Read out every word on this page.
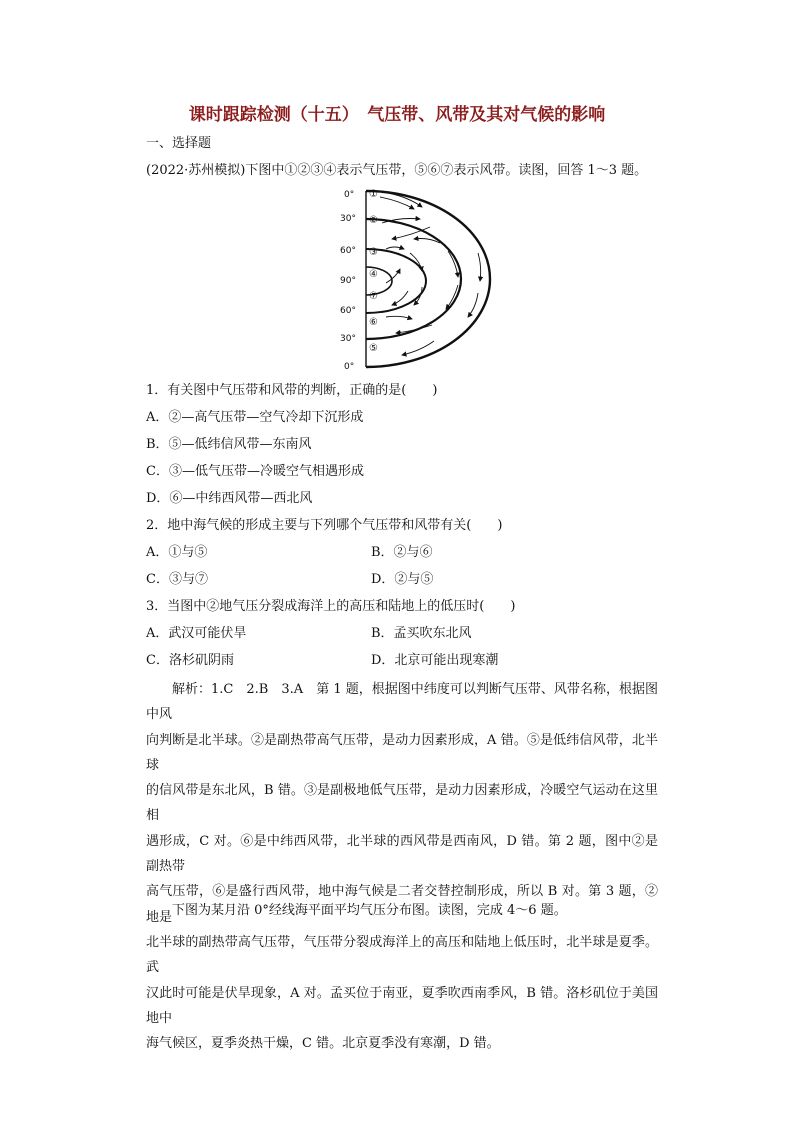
课时跟踪检测（十五）　气压带、风带及其对气候的影响
一、选择题
(2022·苏州模拟)下图中①②③④表示气压带，⑤⑥⑦表示风带。读图，回答 1～3 题。
0°
30°
60°
90°
60°
30°
0°
①
②
③
④
⑦
⑥
⑤
1．有关图中气压带和风带的判断，正确的是(　　)
A．②—高气压带—空气冷却下沉形成
B．⑤—低纬信风带—东南风
C．③—低气压带—冷暖空气相遇形成
D．⑥—中纬西风带—西北风
2．地中海气候的形成主要与下列哪个气压带和风带有关(　　)
A．①与⑤	B．②与⑥
C．③与⑦	D．②与⑤
3．当图中②地气压分裂成海洋上的高压和陆地上的低压时(　　)
A．武汉可能伏旱	B．孟买吹东北风
C．洛杉矶阴雨	D．北京可能出现寒潮
解析：1.C　2.B　3.A　第 1 题，根据图中纬度可以判断气压带、风带名称，根据图中风
向判断是北半球。②是副热带高气压带，是动力因素形成，A 错。⑤是低纬信风带，北半球
的信风带是东北风，B 错。③是副极地低气压带，是动力因素形成，冷暖空气运动在这里相
遇形成，C 对。⑥是中纬西风带，北半球的西风带是西南风，D 错。第 2 题，图中②是副热带
高气压带，⑥是盛行西风带，地中海气候是二者交替控制形成，所以 B 对。第 3 题，②地是
北半球的副热带高气压带，气压带分裂成海洋上的高压和陆地上低压时，北半球是夏季。武
汉此时可能是伏旱现象，A 对。孟买位于南亚，夏季吹西南季风，B 错。洛杉矶位于美国地中
海气候区，夏季炎热干燥，C 错。北京夏季没有寒潮，D 错。
下图为某月沿 0°经线海平面平均气压分布图。读图，完成 4～6 题。
